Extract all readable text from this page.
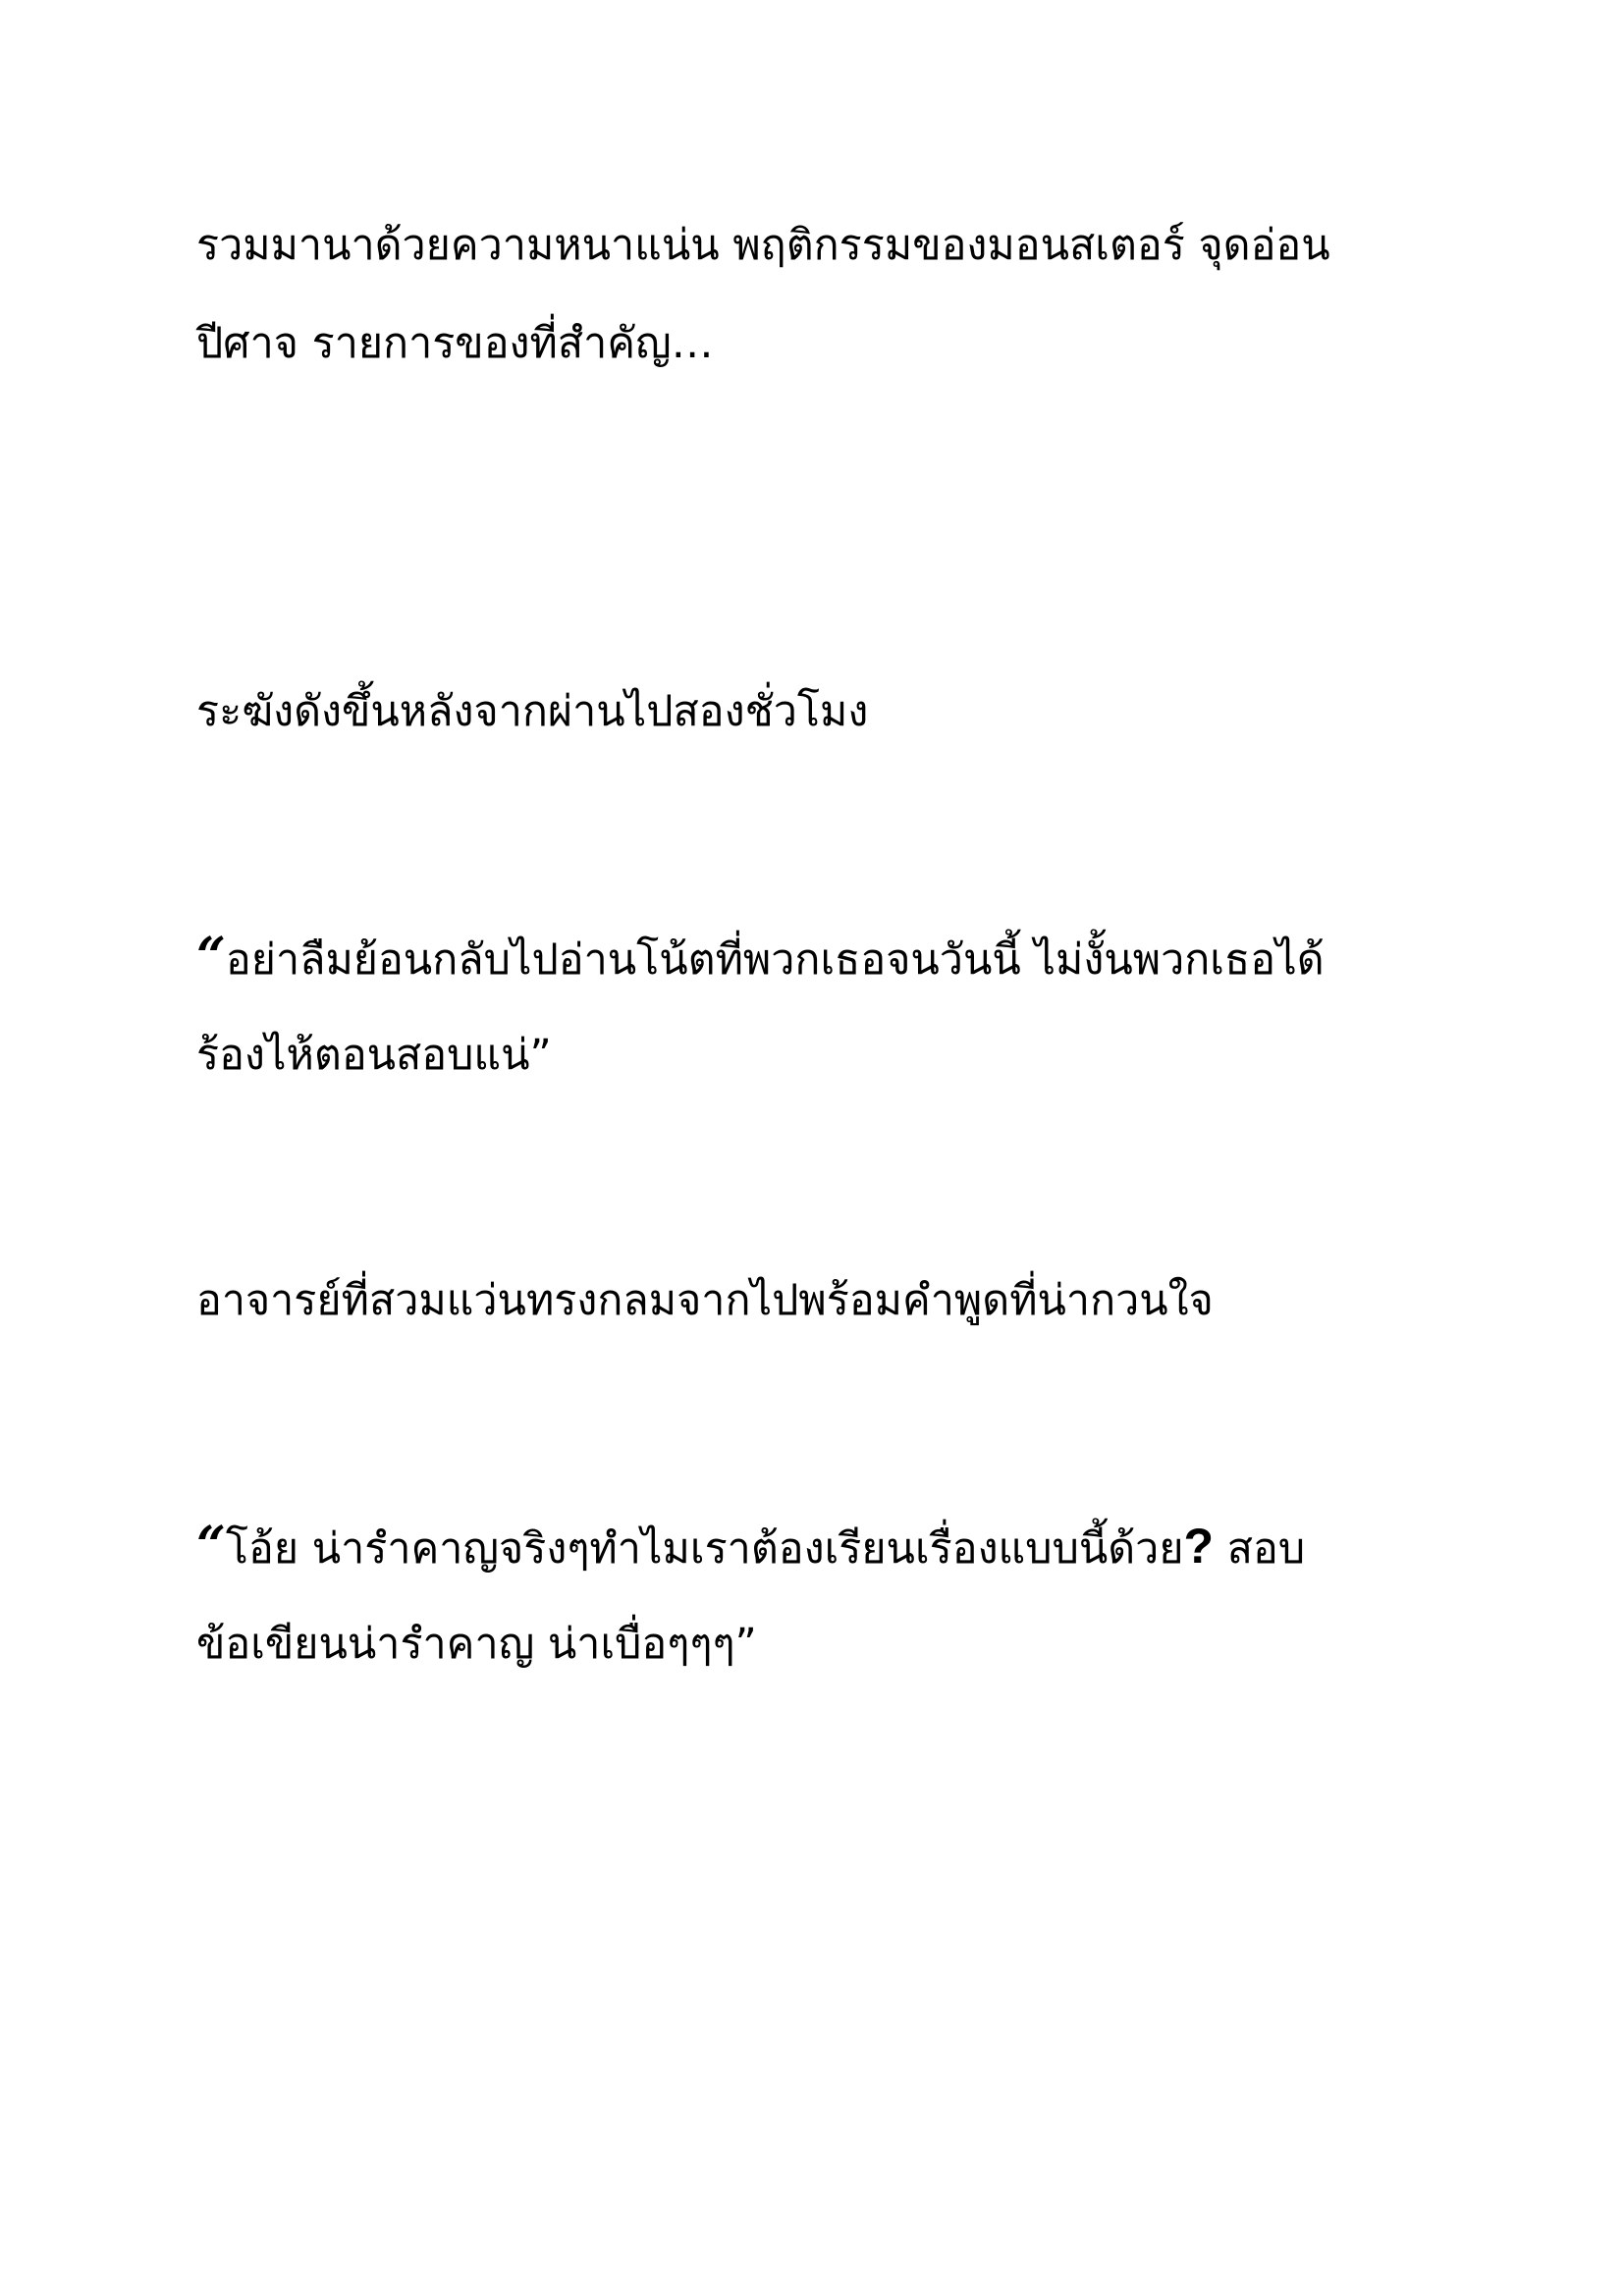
รวมมานาด้วยความหนาแน่น พฤติกรรมของมอนสเตอร์ จุดอ่อน

ปีศาจ รายการของที่สำคัญ…

ระฆังดังขึ้นหลังจากผ่านไปสองชั่วโมง

“อย่าลืมย้อนกลับไปอ่านโน้ตที่พวกเธอจนวันนี้ ไม่งั้นพวกเธอได้

ร้องไห้ตอนสอบแน่”

อาจารย์ที่สวมแว่นทรงกลมจากไปพร้อมคำพูดที่น่ากวนใจ

“โอ้ย น่ารำคาญจริงๆทำไมเราต้องเรียนเรื่องแบบนี้ด้วย? สอบ

ข้อเขียนน่ารำคาญ น่าเบื่อๆๆๆ”
